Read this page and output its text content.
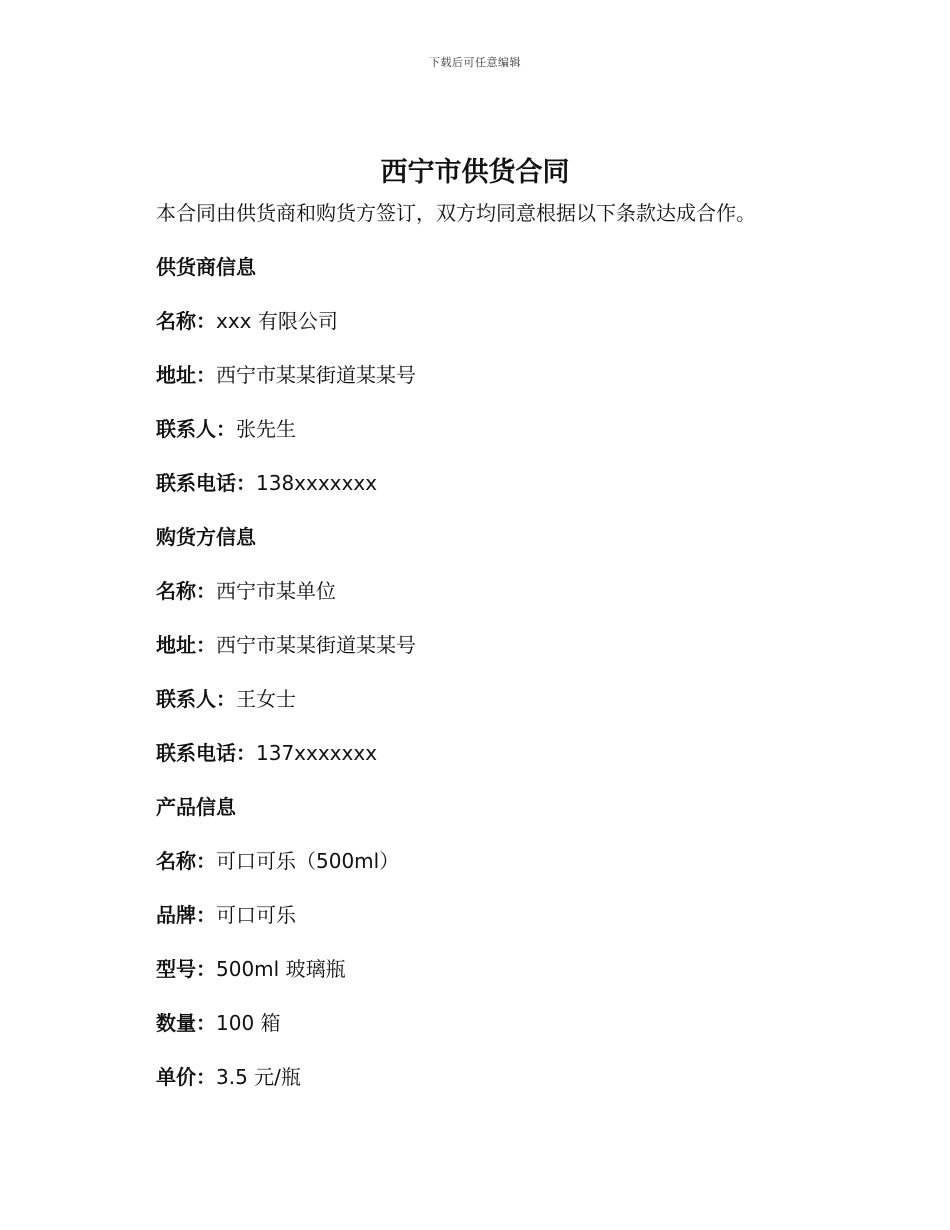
下载后可任意编辑
西宁市供货合同
本合同由供货商和购货方签订，双方均同意根据以下条款达成合作。
供货商信息
名称：xxx 有限公司
地址：西宁市某某街道某某号
联系人：张先生
联系电话：138xxxxxxx
购货方信息
名称：西宁市某单位
地址：西宁市某某街道某某号
联系人：王女士
联系电话：137xxxxxxx
产品信息
名称：可口可乐（500ml）
品牌：可口可乐
型号：500ml 玻璃瓶
数量：100 箱
单价：3.5 元/瓶
